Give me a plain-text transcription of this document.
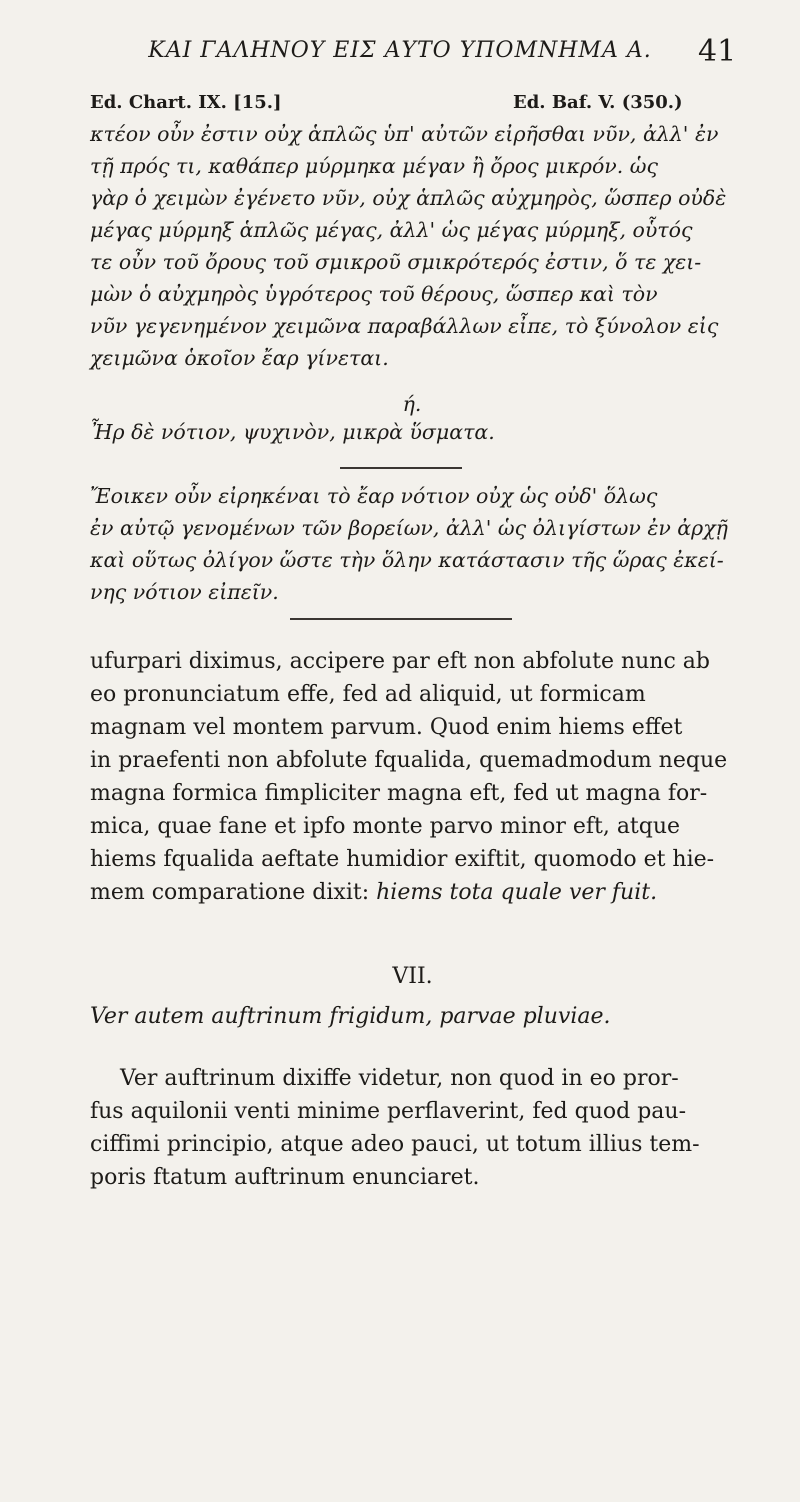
ΚΑΙ ΓΑΛΗΝΟΥ ΕΙΣ ΑΥΤΟ ΥΠΟΜΝΗΜΑ Α.	41
Ed. Chart. IX. [15.]	Ed. Baf. V. (350.)
κτέον οὖν ἐστιν οὐχ ἁπλῶς ὑπ' αὐτῶν εἰρῆσθαι νῦν, ἀλλ' ἐν
τῇ πρός τι, καθάπερ μύρμηκα μέγαν ἢ ὄρος μικρόν. ὡς
γὰρ ὁ χειμὼν ἐγένετο νῦν, οὐχ ἁπλῶς αὐχμηρὸς, ὥσπερ οὐδὲ
μέγας μύρμηξ ἁπλῶς μέγας, ἀλλ' ὡς μέγας μύρμηξ, οὗτός
τε οὖν τοῦ ὄρους τοῦ σμικροῦ σμικρότερός ἐστιν, ὅ τε χει-
μὼν ὁ αὐχμηρὸς ὑγρότερος τοῦ θέρους, ὥσπερ καὶ τὸν
νῦν γεγενημένον χειμῶνα παραβάλλων εἶπε, τὸ ξύνολον εἰς
χειμῶνα ὁκοῖον ἔαρ γίνεται.
ή.
Ἦρ δὲ νότιον, ψυχινὸν, μικρὰ ὕσματα.
Ἔοικεν οὖν εἰρηκέναι τὸ ἔαρ νότιον οὐχ ὡς οὐδ' ὅλως
ἐν αὐτῷ γενομένων τῶν βορείων, ἀλλ' ὡς ὀλιγίστων ἐν ἀρχῇ
καὶ οὕτως ὀλίγον ὥστε τὴν ὅλην κατάστασιν τῆς ὥρας ἐκεί-
νης νότιον εἰπεῖν.
ufurpari diximus, accipere par eft non abfolute nunc ab
eo pronunciatum effe, fed ad aliquid, ut formicam
magnam vel montem parvum. Quod enim hiems effet
in praefenti non abfolute fqualida, quemadmodum neque
magna formica fimpliciter magna eft, fed ut magna for-
mica, quae fane et ipfo monte parvo minor eft, atque
hiems fqualida aeftate humidior exiftit, quomodo et hie-
mem comparatione dixit: hiems tota quale ver fuit.
VII.
Ver autem auftrinum frigidum, parvae pluviae.
Ver auftrinum dixiffe videtur, non quod in eo pror-
fus aquilonii venti minime perflaverint, fed quod pau-
ciffimi principio, atque adeo pauci, ut totum illius tem-
poris ftatum auftrinum enunciaret.
